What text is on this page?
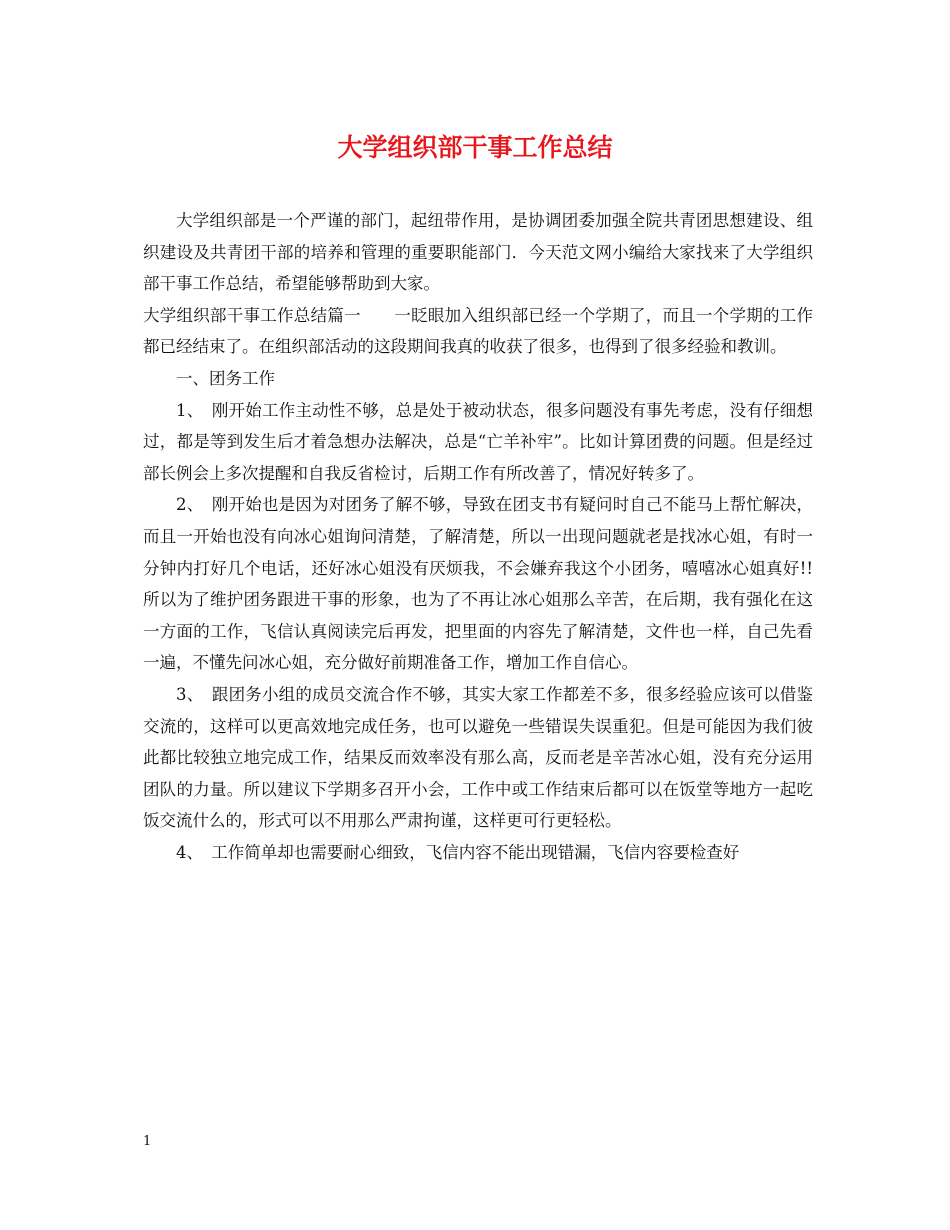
大学组织部干事工作总结

大学组织部是一个严谨的部门，起纽带作用，是协调团委加强全院共青团思想建设、组织建设及共青团干部的培养和管理的重要职能部门．今天范文网小编给大家找来了大学组织部干事工作总结，希望能够帮助到大家。

大学组织部干事工作总结篇一　　一眨眼加入组织部已经一个学期了，而且一个学期的工作都已经结束了。在组织部活动的这段期间我真的收获了很多，也得到了很多经验和教训。

一、团务工作

1、　刚开始工作主动性不够，总是处于被动状态，很多问题没有事先考虑，没有仔细想过，都是等到发生后才着急想办法解决，总是“亡羊补牢”。比如计算团费的问题。但是经过部长例会上多次提醒和自我反省检讨，后期工作有所改善了，情况好转多了。

2、　刚开始也是因为对团务了解不够，导致在团支书有疑问时自己不能马上帮忙解决，而且一开始也没有向冰心姐询问清楚，了解清楚，所以一出现问题就老是找冰心姐，有时一分钟内打好几个电话，还好冰心姐没有厌烦我，不会嫌弃我这个小团务，嘻嘻冰心姐真好!!所以为了维护团务跟进干事的形象，也为了不再让冰心姐那么辛苦，在后期，我有强化在这一方面的工作，飞信认真阅读完后再发，把里面的内容先了解清楚，文件也一样，自己先看一遍，不懂先问冰心姐，充分做好前期准备工作，增加工作自信心。

3、　跟团务小组的成员交流合作不够，其实大家工作都差不多，很多经验应该可以借鉴交流的，这样可以更高效地完成任务，也可以避免一些错误失误重犯。但是可能因为我们彼此都比较独立地完成工作，结果反而效率没有那么高，反而老是辛苦冰心姐，没有充分运用团队的力量。所以建议下学期多召开小会，工作中或工作结束后都可以在饭堂等地方一起吃饭交流什么的，形式可以不用那么严肃拘谨，这样更可行更轻松。

4、　工作简单却也需要耐心细致，飞信内容不能出现错漏，飞信内容要检查好

1
